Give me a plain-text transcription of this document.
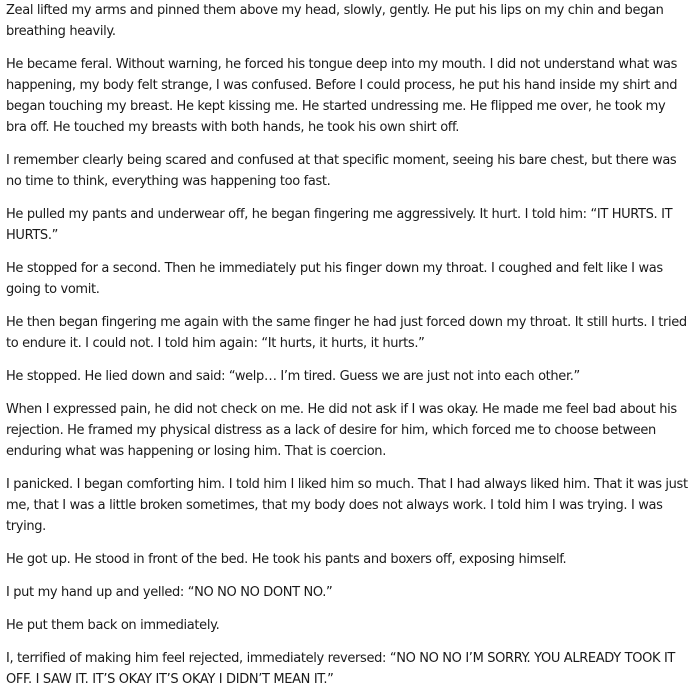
Zeal lifted my arms and pinned them above my head, slowly, gently. He put his lips on my chin and began breathing heavily.

He became feral. Without warning, he forced his tongue deep into my mouth. I did not understand what was happening, my body felt strange, I was confused. Before I could process, he put his hand inside my shirt and began touching my breast. He kept kissing me. He started undressing me. He flipped me over, he took my bra off. He touched my breasts with both hands, he took his own shirt off.

I remember clearly being scared and confused at that specific moment, seeing his bare chest, but there was no time to think, everything was happening too fast.

He pulled my pants and underwear off, he began fingering me aggressively. It hurt. I told him: “IT HURTS. IT HURTS.”

He stopped for a second. Then he immediately put his finger down my throat. I coughed and felt like I was going to vomit.

He then began fingering me again with the same finger he had just forced down my throat. It still hurts. I tried to endure it. I could not. I told him again: “It hurts, it hurts, it hurts.”

He stopped. He lied down and said: “welp… I’m tired. Guess we are just not into each other.”

When I expressed pain, he did not check on me. He did not ask if I was okay. He made me feel bad about his rejection. He framed my physical distress as a lack of desire for him, which forced me to choose between enduring what was happening or losing him. That is coercion.

I panicked. I began comforting him. I told him I liked him so much. That I had always liked him. That it was just me, that I was a little broken sometimes, that my body does not always work. I told him I was trying. I was trying.

He got up. He stood in front of the bed. He took his pants and boxers off, exposing himself.

I put my hand up and yelled: “NO NO NO DONT NO.”

He put them back on immediately.

I, terrified of making him feel rejected, immediately reversed: “NO NO NO I’M SORRY. YOU ALREADY TOOK IT OFF. I SAW IT. IT’S OKAY IT’S OKAY I DIDN’T MEAN IT.”
